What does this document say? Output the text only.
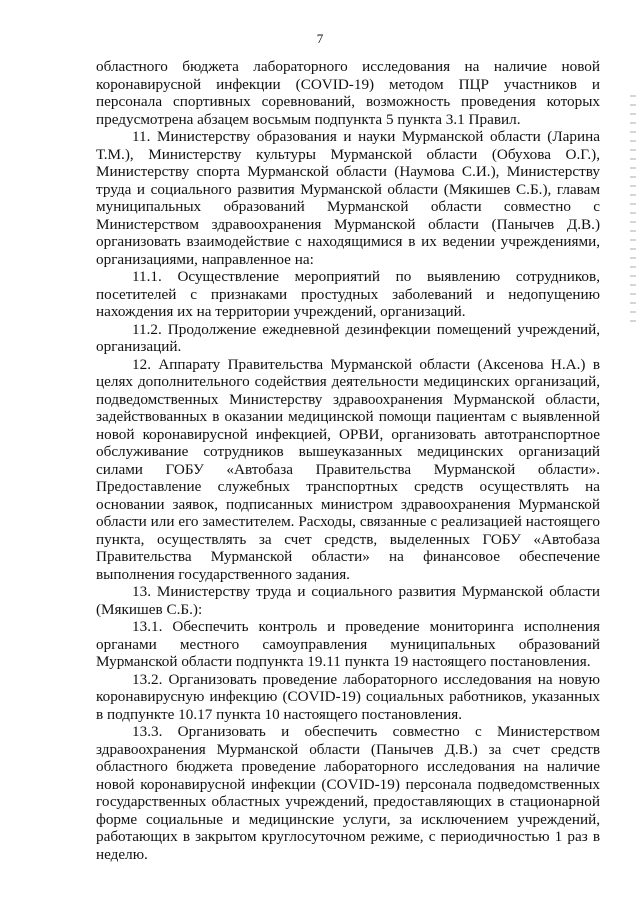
7

областного бюджета лабораторного исследования на наличие новой коронавирусной инфекции (COVID-19) методом ПЦР участников и персонала спортивных соревнований, возможность проведения которых предусмотрена абзацем восьмым подпункта 5 пункта 3.1 Правил.

11. Министерству образования и науки Мурманской области (Ларина Т.М.), Министерству культуры Мурманской области (Обухова О.Г.), Министерству спорта Мурманской области (Наумова С.И.), Министерству труда и социального развития Мурманской области (Мякишев С.Б.), главам муниципальных образований Мурманской области совместно с Министерством здравоохранения Мурманской области (Панычев Д.В.) организовать взаимодействие с находящимися в их ведении учреждениями, организациями, направленное на:

11.1. Осуществление мероприятий по выявлению сотрудников, посетителей с признаками простудных заболеваний и недопущению нахождения их на территории учреждений, организаций.

11.2. Продолжение ежедневной дезинфекции помещений учреждений, организаций.

12. Аппарату Правительства Мурманской области (Аксенова Н.А.) в целях дополнительного содействия деятельности медицинских организаций, подведомственных Министерству здравоохранения Мурманской области, задействованных в оказании медицинской помощи пациентам с выявленной новой коронавирусной инфекцией, ОРВИ, организовать автотранспортное обслуживание сотрудников вышеуказанных медицинских организаций силами ГОБУ «Автобаза Правительства Мурманской области». Предоставление служебных транспортных средств осуществлять на основании заявок, подписанных министром здравоохранения Мурманской области или его заместителем. Расходы, связанные с реализацией настоящего пункта, осуществлять за счет средств, выделенных ГОБУ «Автобаза Правительства Мурманской области» на финансовое обеспечение выполнения государственного задания.

13. Министерству труда и социального развития Мурманской области (Мякишев С.Б.):

13.1. Обеспечить контроль и проведение мониторинга исполнения органами местного самоуправления муниципальных образований Мурманской области подпункта 19.11 пункта 19 настоящего постановления.

13.2. Организовать проведение лабораторного исследования на новую коронавирусную инфекцию (COVID-19) социальных работников, указанных в подпункте 10.17 пункта 10 настоящего постановления.

13.3. Организовать и обеспечить совместно с Министерством здравоохранения Мурманской области (Панычев Д.В.) за счет средств областного бюджета проведение лабораторного исследования на наличие новой коронавирусной инфекции (COVID-19) персонала подведомственных государственных областных учреждений, предоставляющих в стационарной форме социальные и медицинские услуги, за исключением учреждений, работающих в закрытом круглосуточном режиме, с периодичностью 1 раз в неделю.
